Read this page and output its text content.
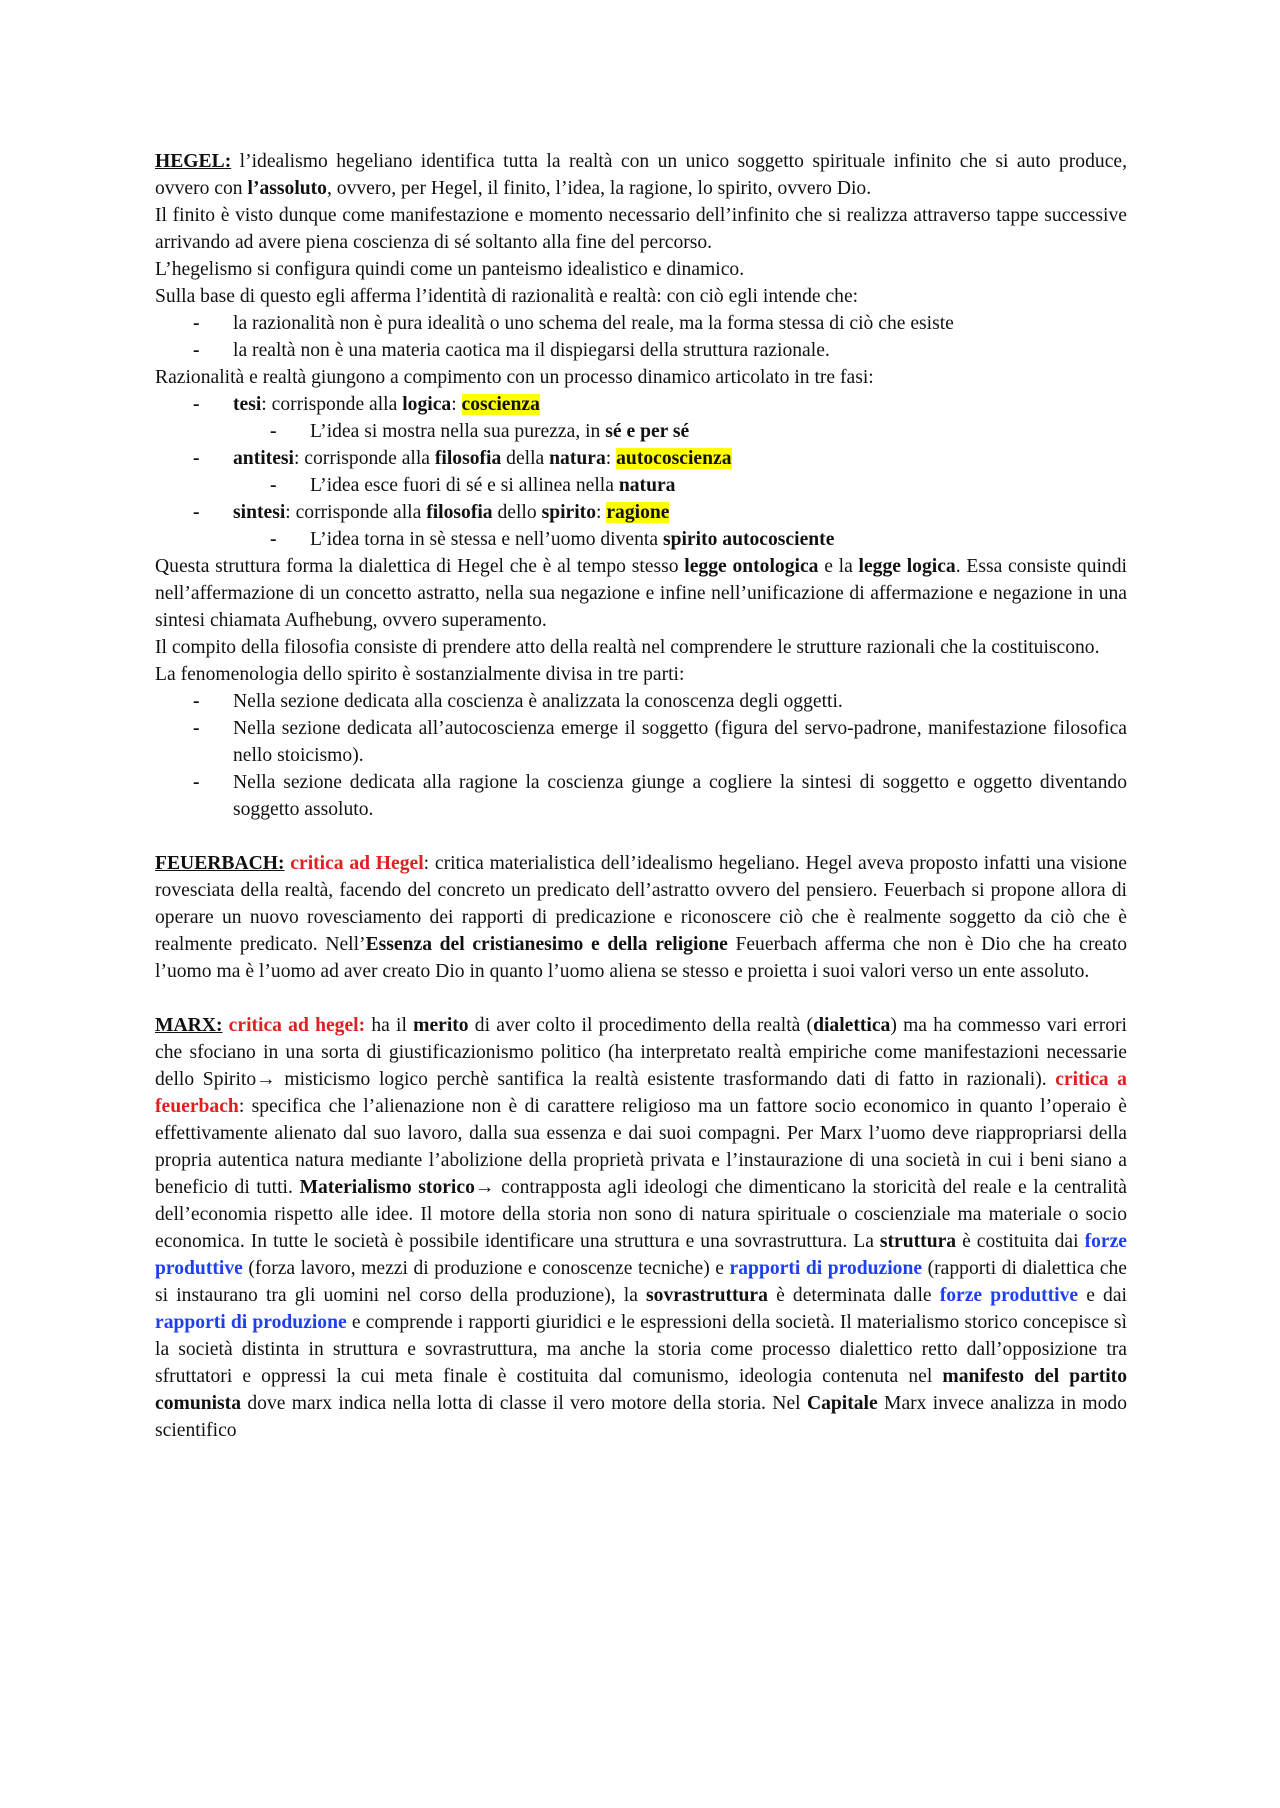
HEGEL: l’idealismo hegeliano identifica tutta la realtà con un unico soggetto spirituale infinito che si auto produce, ovvero con l’assoluto, ovvero, per Hegel, il finito, l’idea, la ragione, lo spirito, ovvero Dio.

Il finito è visto dunque come manifestazione e momento necessario dell’infinito che si realizza attraverso tappe successive arrivando ad avere piena coscienza di sé soltanto alla fine del percorso.

L’hegelismo si configura quindi come un panteismo idealistico e dinamico.

Sulla base di questo egli afferma l’identità di razionalità e realtà: con ciò egli intende che:

- la razionalità non è pura idealità o uno schema del reale, ma la forma stessa di ciò che esiste
- la realtà non è una materia caotica ma il dispiegarsi della struttura razionale.

Razionalità e realtà giungono a compimento con un processo dinamico articolato in tre fasi:

- tesi: corrisponde alla logica: coscienza
- L’idea si mostra nella sua purezza, in sé e per sé
- antitesi: corrisponde alla filosofia della natura: autocoscienza
- L’idea esce fuori di sé e si allinea nella natura
- sintesi: corrisponde alla filosofia dello spirito: ragione
- L’idea torna in sè stessa e nell’uomo diventa spirito autocosciente

Questa struttura forma la dialettica di Hegel che è al tempo stesso legge ontologica e la legge logica. Essa consiste quindi nell’affermazione di un concetto astratto, nella sua negazione e infine nell’unificazione di affermazione e negazione in una sintesi chiamata Aufhebung, ovvero superamento.

Il compito della filosofia consiste di prendere atto della realtà nel comprendere le strutture razionali che la costituiscono.

La fenomenologia dello spirito è sostanzialmente divisa in tre parti:

- Nella sezione dedicata alla coscienza è analizzata la conoscenza degli oggetti.
- Nella sezione dedicata all’autocoscienza emerge il soggetto (figura del servo-padrone, manifestazione filosofica nello stoicismo).
- Nella sezione dedicata alla ragione la coscienza giunge a cogliere la sintesi di soggetto e oggetto diventando soggetto assoluto.

FEUERBACH: critica ad Hegel: critica materialistica dell’idealismo hegeliano. Hegel aveva proposto infatti una visione rovesciata della realtà, facendo del concreto un predicato dell’astratto ovvero del pensiero. Feuerbach si propone allora di operare un nuovo rovesciamento dei rapporti di predicazione e riconoscere ciò che è realmente soggetto da ciò che è realmente predicato. Nell’Essenza del cristianesimo e della religione Feuerbach afferma che non è Dio che ha creato l’uomo ma è l’uomo ad aver creato Dio in quanto l’uomo aliena se stesso e proietta i suoi valori verso un ente assoluto.

MARX: critica ad hegel: ha il merito di aver colto il procedimento della realtà (dialettica) ma ha commesso vari errori che sfociano in una sorta di giustificazionismo politico (ha interpretato realtà empiriche come manifestazioni necessarie dello Spirito→ misticismo logico perchè santifica la realtà esistente trasformando dati di fatto in razionali). critica a feuerbach: specifica che l’alienazione non è di carattere religioso ma un fattore socio economico in quanto l’operaio è effettivamente alienato dal suo lavoro, dalla sua essenza e dai suoi compagni. Per Marx l’uomo deve riappropriarsi della propria autentica natura mediante l’abolizione della proprietà privata e l’instaurazione di una società in cui i beni siano a beneficio di tutti. Materialismo storico→ contrapposta agli ideologi che dimenticano la storicità del reale e la centralità dell’economia rispetto alle idee. Il motore della storia non sono di natura spirituale o coscienziale ma materiale o socio economica. In tutte le società è possibile identificare una struttura e una sovrastruttura. La struttura è costituita dai forze produttive (forza lavoro, mezzi di produzione e conoscenze tecniche) e rapporti di produzione (rapporti di dialettica che si instaurano tra gli uomini nel corso della produzione), la sovrastruttura è determinata dalle forze produttive e dai rapporti di produzione e comprende i rapporti giuridici e le espressioni della società. Il materialismo storico concepisce sì la società distinta in struttura e sovrastruttura, ma anche la storia come processo dialettico retto dall’opposizione tra sfruttatori e oppressi la cui meta finale è costituita dal comunismo, ideologia contenuta nel manifesto del partito comunista dove marx indica nella lotta di classe il vero motore della storia. Nel Capitale Marx invece analizza in modo scientifico
